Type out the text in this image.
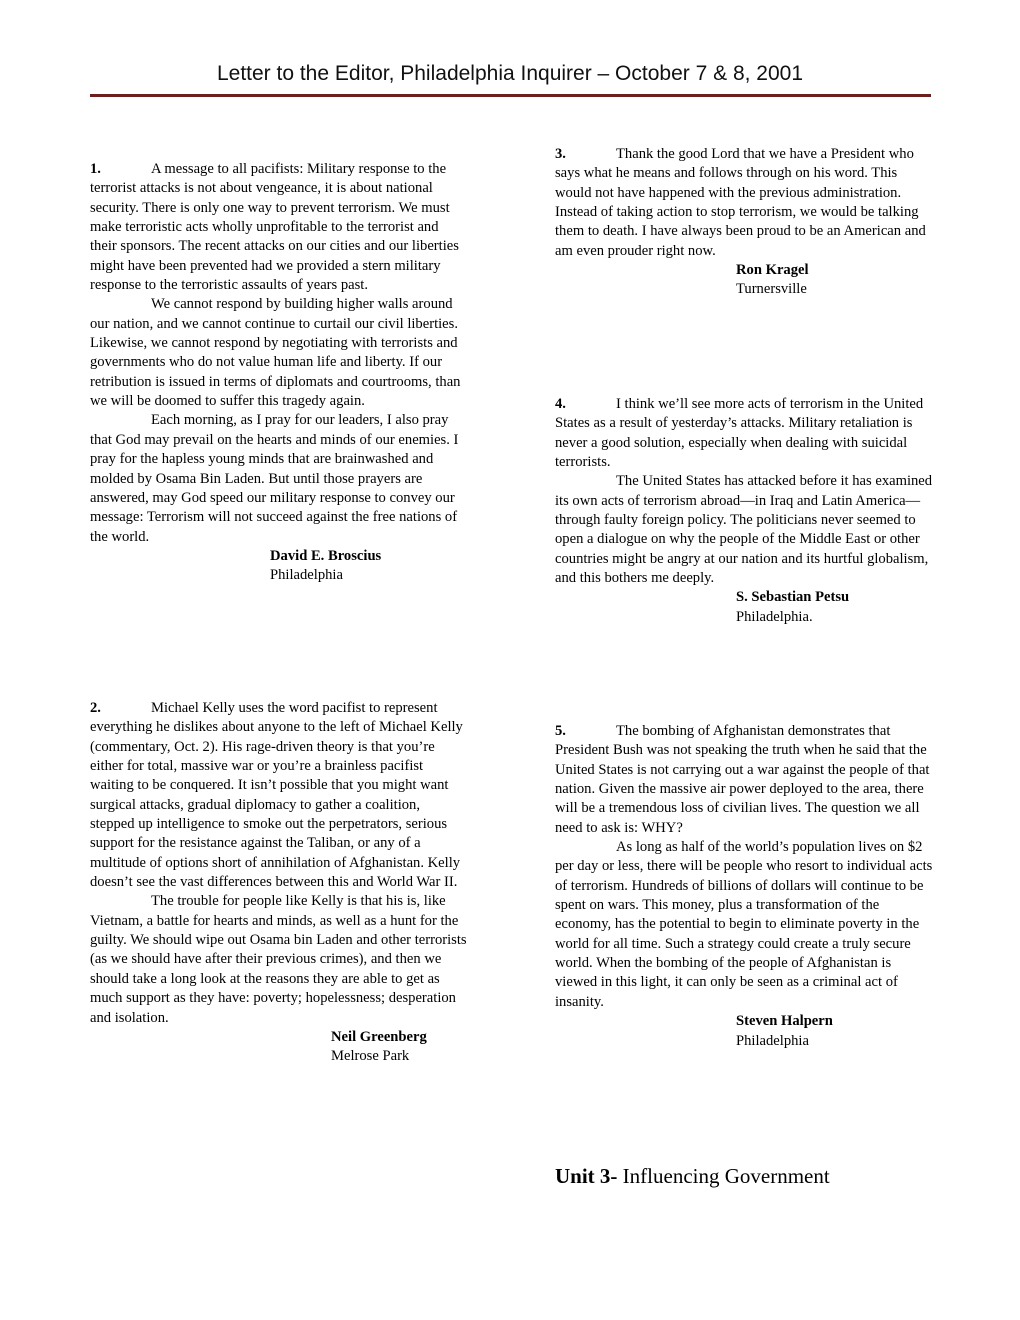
Letter to the Editor, Philadelphia Inquirer – October 7 & 8, 2001

1.	A message to all pacifists: Military response to the terrorist attacks is not about vengeance, it is about national security. There is only one way to prevent terrorism. We must make terroristic acts wholly unprofitable to the terrorist and their sponsors. The recent attacks on our cities and our liberties might have been prevented had we provided a stern military response to the terroristic assaults of years past.

We cannot respond by building higher walls around our nation, and we cannot continue to curtail our civil liberties. Likewise, we cannot respond by negotiating with terrorists and governments who do not value human life and liberty. If our retribution is issued in terms of diplomats and courtrooms, than we will be doomed to suffer this tragedy again.

Each morning, as I pray for our leaders, I also pray that God may prevail on the hearts and minds of our enemies. I pray for the hapless young minds that are brainwashed and molded by Osama Bin Laden. But until those prayers are answered, may God speed our military response to convey our message: Terrorism will not succeed against the free nations of the world.

David E. Broscius
Philadelphia

2.	Michael Kelly uses the word pacifist to represent everything he dislikes about anyone to the left of Michael Kelly (commentary, Oct. 2). His rage-driven theory is that you’re either for total, massive war or you’re a brainless pacifist waiting to be conquered. It isn’t possible that you might want surgical attacks, gradual diplomacy to gather a coalition, stepped up intelligence to smoke out the perpetrators, serious support for the resistance against the Taliban, or any of a multitude of options short of annihilation of Afghanistan. Kelly doesn’t see the vast differences between this and World War II.

The trouble for people like Kelly is that his is, like Vietnam, a battle for hearts and minds, as well as a hunt for the guilty. We should wipe out Osama bin Laden and other terrorists (as we should have after their previous crimes), and then we should take a long look at the reasons they are able to get as much support as they have: poverty; hopelessness; desperation and isolation.

Neil Greenberg
Melrose Park

3.	Thank the good Lord that we have a President who says what he means and follows through on his word. This would not have happened with the previous administration. Instead of taking action to stop terrorism, we would be talking them to death. I have always been proud to be an American and am even prouder right now.

Ron Kragel
Turnersville

4.	I think we’ll see more acts of terrorism in the United States as a result of yesterday’s attacks. Military retaliation is never a good solution, especially when dealing with suicidal terrorists.

The United States has attacked before it has examined its own acts of terrorism abroad—in Iraq and Latin America—through faulty foreign policy. The politicians never seemed to open a dialogue on why the people of the Middle East or other countries might be angry at our nation and its hurtful globalism, and this bothers me deeply.

S. Sebastian Petsu
Philadelphia.

5.	The bombing of Afghanistan demonstrates that President Bush was not speaking the truth when he said that the United States is not carrying out a war against the people of that nation. Given the massive air power deployed to the area, there will be a tremendous loss of civilian lives. The question we all need to ask is: WHY?

As long as half of the world’s population lives on $2 per day or less, there will be people who resort to individual acts of terrorism. Hundreds of billions of dollars will continue to be spent on wars. This money, plus a transformation of the economy, has the potential to begin to eliminate poverty in the world for all time. Such a strategy could create a truly secure world. When the bombing of the people of Afghanistan is viewed in this light, it can only be seen as a criminal act of insanity.

Steven Halpern
Philadelphia
Unit 3- Influencing Government
